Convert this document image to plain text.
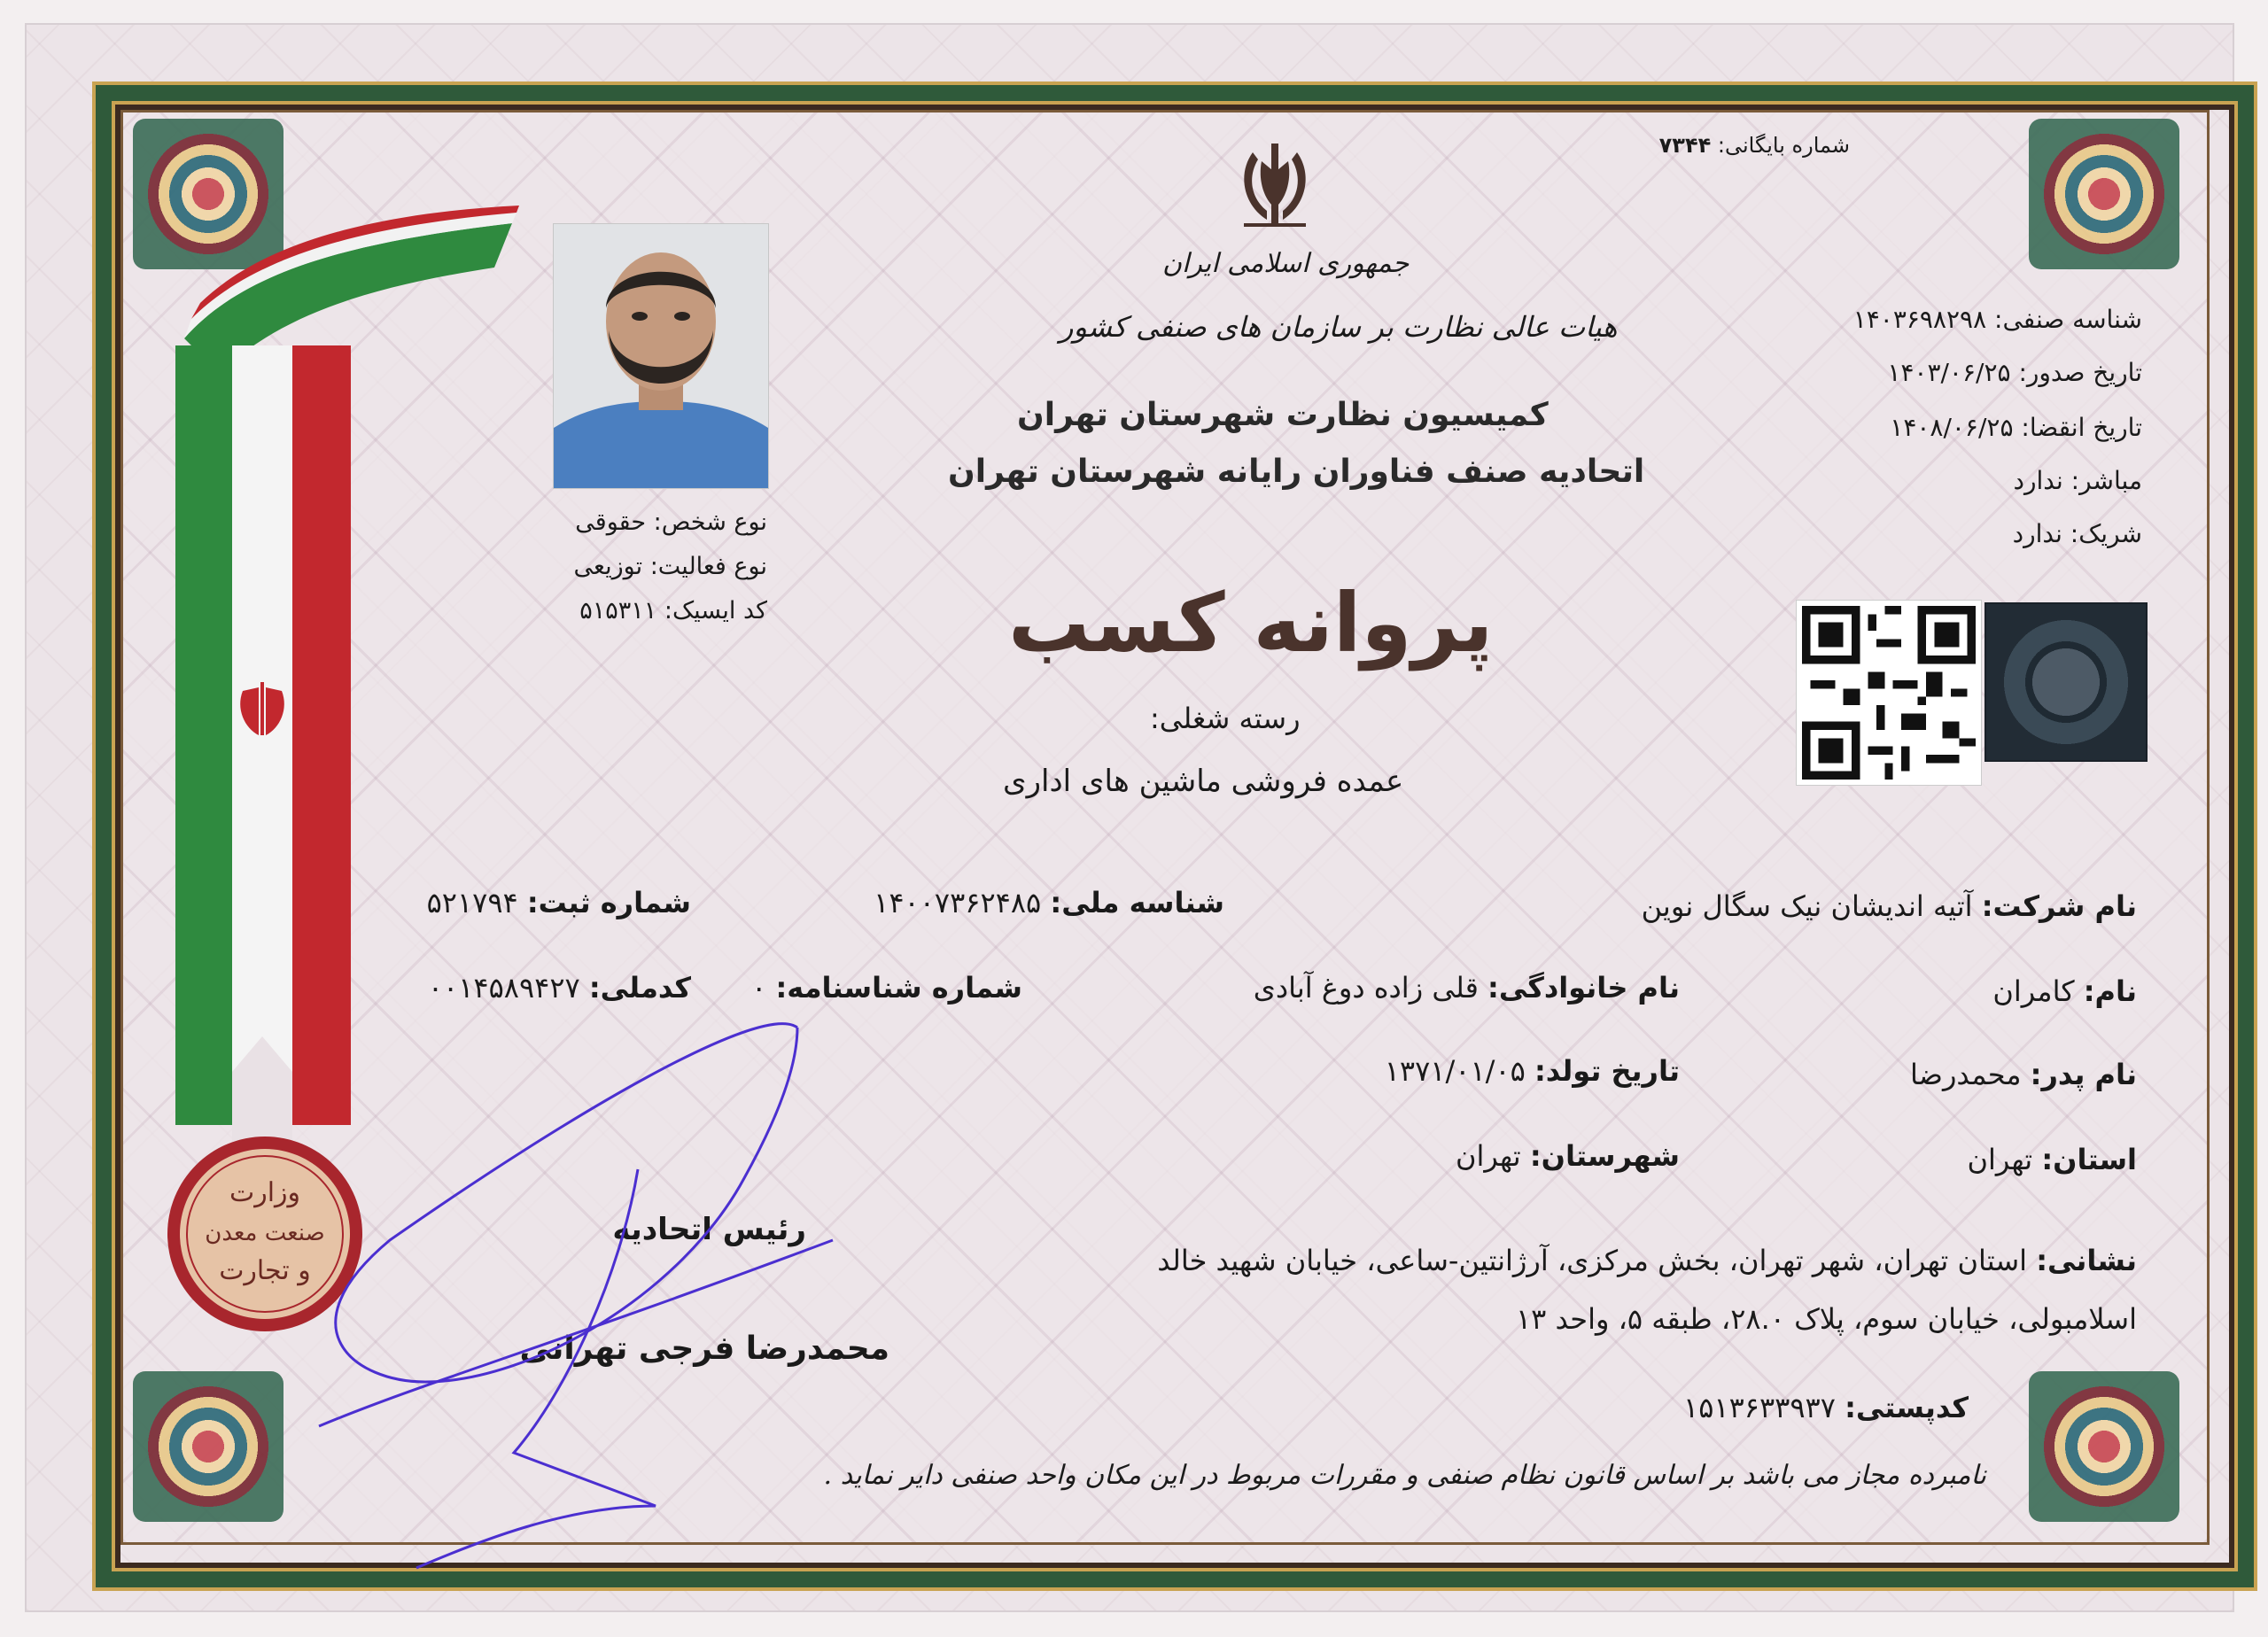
وزارت
صنعت معدن
و تجارت
شماره بایگانی: ۷۳۴۴
جمهوری اسلامی ایران
هیات عالی نظارت بر سازمان های صنفی کشور
کمیسیون نظارت شهرستان تهران
اتحادیه صنف فناوران رایانه شهرستان تهران
پروانه کسب
رسته شغلی:
عمده فروشی ماشین های اداری
شناسه صنفی: ۱۴۰۳۶۹۸۲۹۸
تاریخ صدور: ۱۴۰۳/۰۶/۲۵
تاریخ انقضا: ۱۴۰۸/۰۶/۲۵
مباشر: ندارد
شریک: ندارد
نوع شخص: حقوقی
نوع فعالیت: توزیعی
کد ایسیک: ۵۱۵۳۱۱
نام شرکت: آتیه اندیشان نیک سگال نوین
شناسه ملی: ۱۴۰۰۷۳۶۲۴۸۵
شماره ثبت: ۵۲۱۷۹۴
نام: کامران
نام خانوادگی: قلی زاده دوغ آبادی
شماره شناسنامه: ۰
کدملی: ۰۰۱۴۵۸۹۴۲۷
نام پدر: محمدرضا
تاریخ تولد: ۱۳۷۱/۰۱/۰۵
استان: تهران
شهرستان: تهران
نشانی: استان تهران، شهر تهران، بخش مرکزی، آرژانتین-ساعی، خیابان شهید خالد
اسلامبولی، خیابان سوم، پلاک ۲۸.۰، طبقه ۵، واحد ۱۳
کدپستی: ۱۵۱۳۶۳۳۹۳۷
نامبرده مجاز می باشد بر اساس قانون نظام صنفی و مقررات مربوط در این مکان واحد صنفی دایر نماید .
رئیس اتحادیه
محمدرضا فرجی تهرانی
